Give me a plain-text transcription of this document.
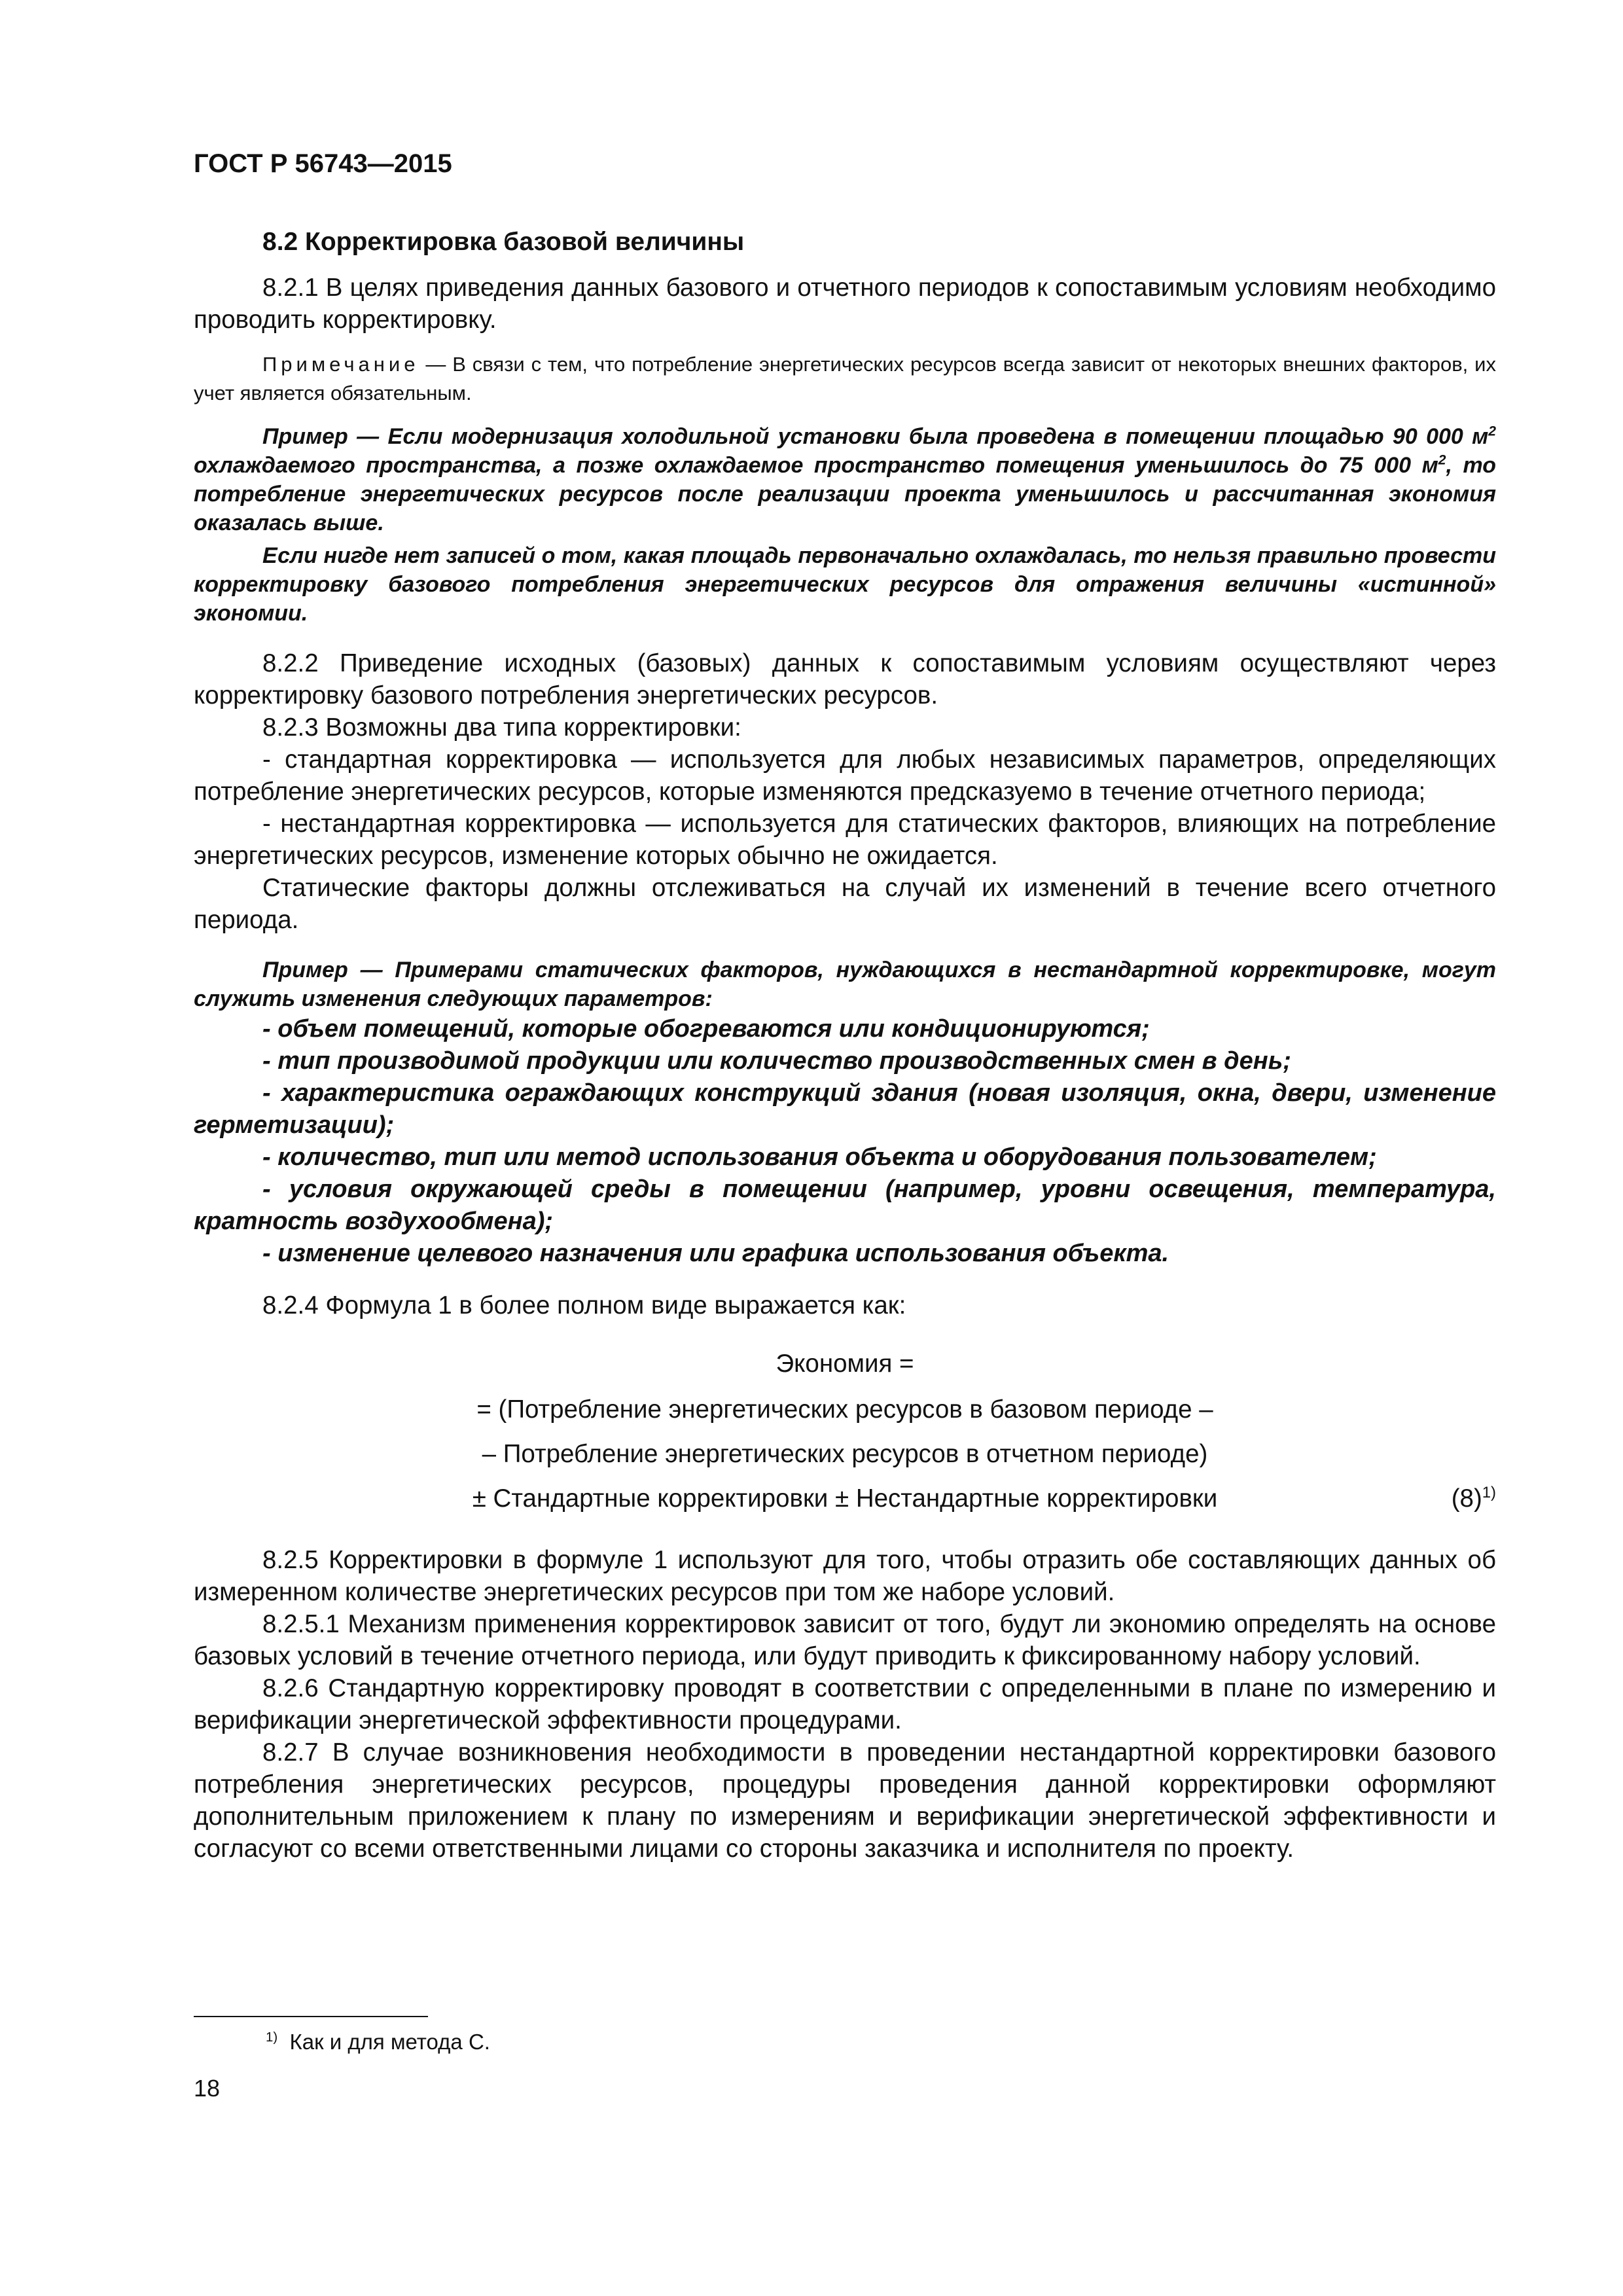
ГОСТ Р 56743—2015

8.2 Корректировка базовой величины

8.2.1 В целях приведения данных базового и отчетного периодов к сопоставимым условиям необходимо проводить корректировку.

Примечание — В связи с тем, что потребление энергетических ресурсов всегда зависит от некоторых внешних факторов, их учет является обязательным.

Пример — Если модернизация холодильной установки была проведена в помещении площадью 90 000 $м^2$ охлаждаемого пространства, а позже охлаждаемое пространство помещения уменьшилось до 75 000 $м^2$, то потребление энергетических ресурсов после реализации проекта уменьшилось и рассчитанная экономия оказалась выше.

Если нигде нет записей о том, какая площадь первоначально охлаждалась, то нельзя правильно провести корректировку базового потребления энергетических ресурсов для отражения величины «истинной» экономии.

8.2.2 Приведение исходных (базовых) данных к сопоставимым условиям осуществляют через корректировку базового потребления энергетических ресурсов.

8.2.3 Возможны два типа корректировки:

- стандартная корректировка — используется для любых независимых параметров, определяющих потребление энергетических ресурсов, которые изменяются предсказуемо в течение отчетного периода;

- нестандартная корректировка — используется для статических факторов, влияющих на потребление энергетических ресурсов, изменение которых обычно не ожидается.

Статические факторы должны отслеживаться на случай их изменений в течение всего отчетного периода.

Пример — Примерами статических факторов, нуждающихся в нестандартной корректировке, могут служить изменения следующих параметров:

- объем помещений, которые обогреваются или кондиционируются;

- тип производимой продукции или количество производственных смен в день;

- характеристика ограждающих конструкций здания (новая изоляция, окна, двери, изменение герметизации);

- количество, тип или метод использования объекта и оборудования пользователем;

- условия окружающей среды в помещении (например, уровни освещения, температура, кратность воздухообмена);

- изменение целевого назначения или графика использования объекта.

8.2.4 Формула 1 в более полном виде выражается как:

Экономия =
= (Потребление энергетических ресурсов в базовом периоде –
– Потребление энергетических ресурсов в отчетном периоде)
± Стандартные корректировки ± Нестандартные корректировки	$(8)^{1)}$

8.2.5 Корректировки в формуле 1 используют для того, чтобы отразить обе составляющих данных об измеренном количестве энергетических ресурсов при том же наборе условий.

8.2.5.1 Механизм применения корректировок зависит от того, будут ли экономию определять на основе базовых условий в течение отчетного периода, или будут приводить к фиксированному набору условий.

8.2.6 Стандартную корректировку проводят в соответствии с определенными в плане по измерению и верификации энергетической эффективности процедурами.

8.2.7 В случае возникновения необходимости в проведении нестандартной корректировки базового потребления энергетических ресурсов, процедуры проведения данной корректировки оформляют дополнительным приложением к плану по измерениям и верификации энергетической эффективности и согласуют со всеми ответственными лицами со стороны заказчика и исполнителя по проекту.

$^{1)}$ Как и для метода С.
18
